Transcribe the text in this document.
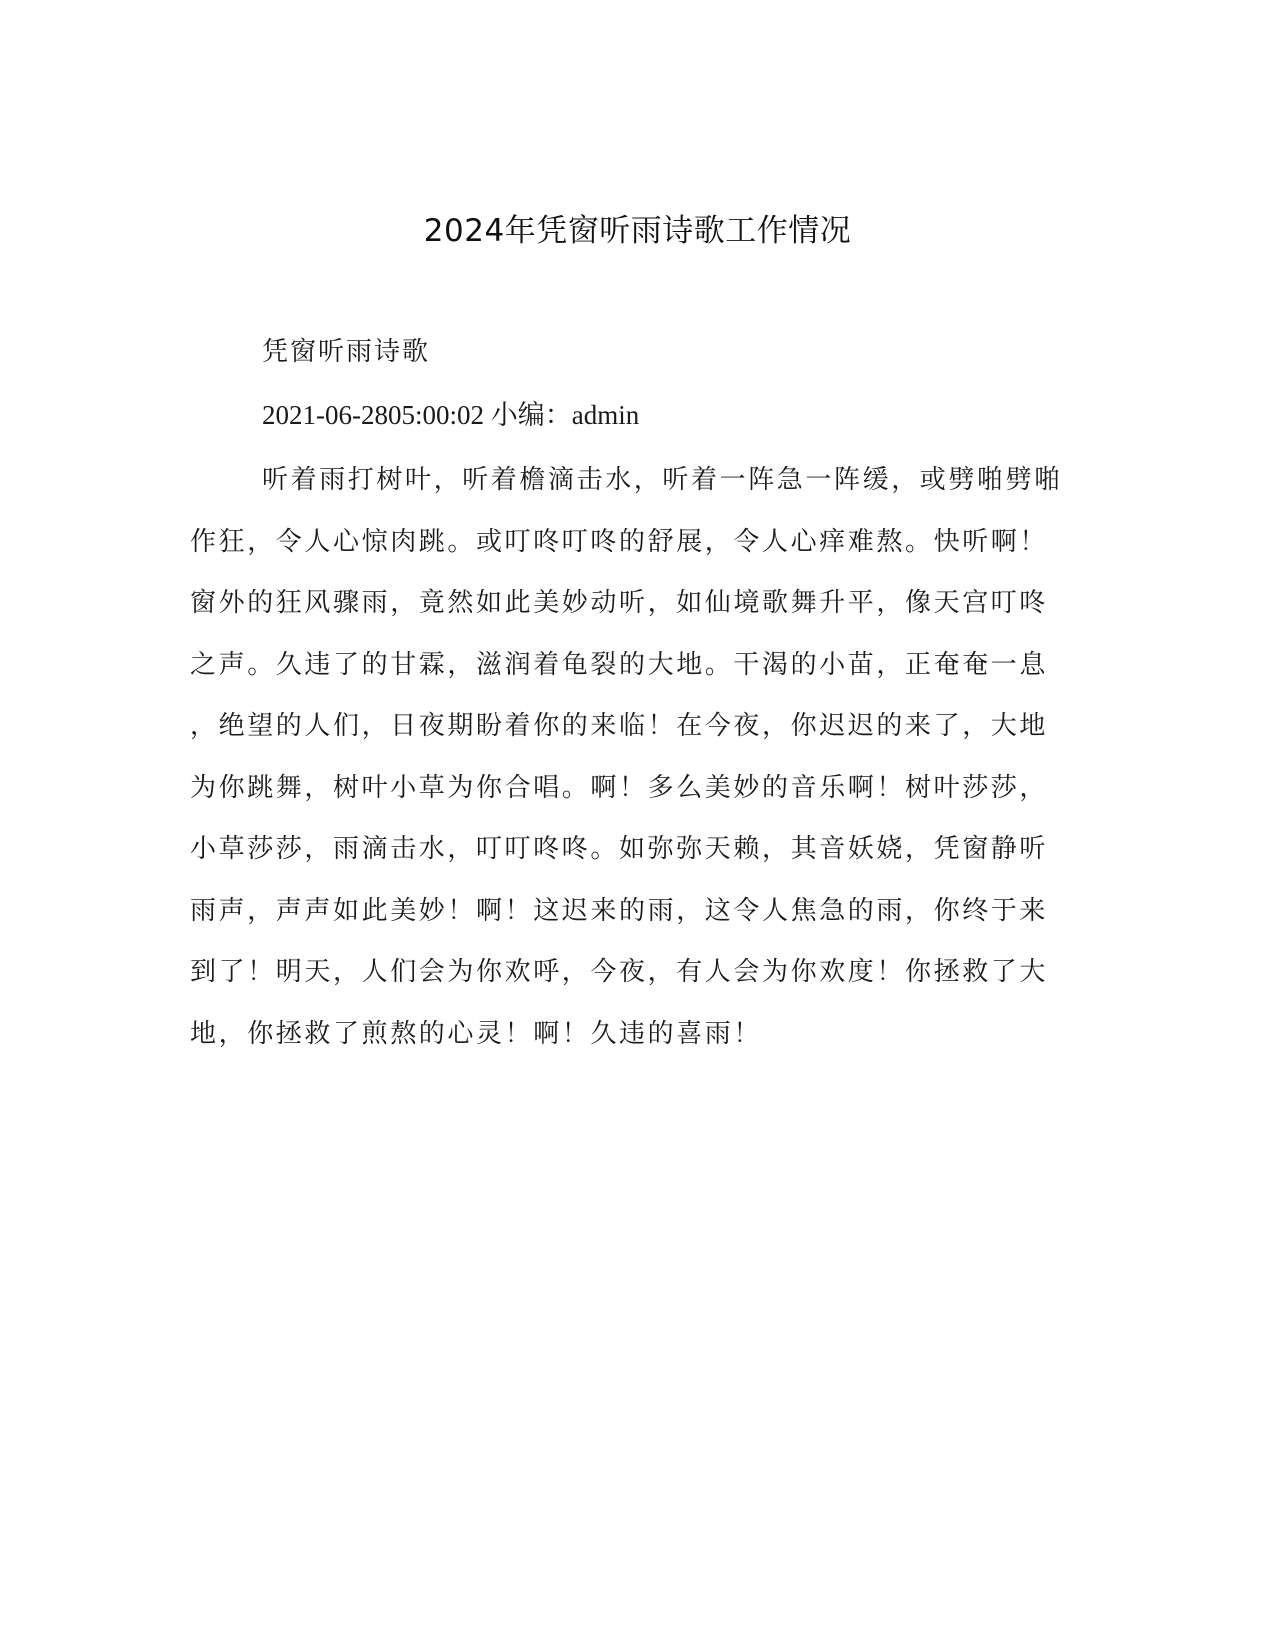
2024年凭窗听雨诗歌工作情况
凭窗听雨诗歌
2021-06-2805:00:02 小编：admin
听着雨打树叶，听着檐滴击水，听着一阵急一阵缓，或劈啪劈啪
作狂，令人心惊肉跳。或叮咚叮咚的舒展，令人心痒难熬。快听啊！
窗外的狂风骤雨，竟然如此美妙动听，如仙境歌舞升平，像天宫叮咚
之声。久违了的甘霖，滋润着龟裂的大地。干渴的小苗，正奄奄一息
，绝望的人们，日夜期盼着你的来临！在今夜，你迟迟的来了，大地
为你跳舞，树叶小草为你合唱。啊！多么美妙的音乐啊！树叶莎莎，
小草莎莎，雨滴击水，叮叮咚咚。如弥弥天赖，其音妖娆，凭窗静听
雨声，声声如此美妙！啊！这迟来的雨，这令人焦急的雨，你终于来
到了！明天，人们会为你欢呼，今夜，有人会为你欢度！你拯救了大
地，你拯救了煎熬的心灵！啊！久违的喜雨！
